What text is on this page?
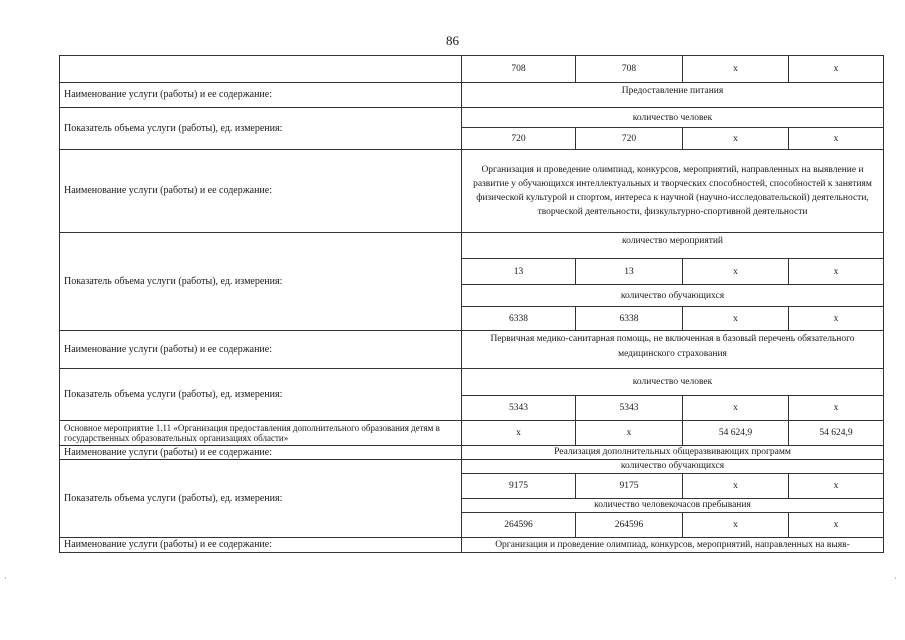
86
	708	708	x	x
Наименование услуги (работы) и ее содержание:	Предоставление питания			
Показатель объема услуги (работы), ед. измерения:	количество человек			
	720	720	x	x
Наименование услуги (работы) и ее содержание:	Организация и проведение олимпиад, конкурсов, мероприятий, направленных на выявление и развитие у обучающихся интеллектуальных и творческих способностей, способностей к занятиям физической культурой и спортом, интереса к научной (научно-исследовательской) деятельности, творческой деятельности, физкультурно-спортивной деятельности			
Показатель объема услуги (работы), ед. измерения:	количество мероприятий			
	13	13	x	x
	количество обучающихся			
	6338	6338	x	x
Наименование услуги (работы) и ее содержание:	Первичная медико-санитарная помощь, не включенная в базовый перечень обязательного медицинского страхования			
Показатель объема услуги (работы), ед. измерения:	количество человек			
	5343	5343	x	x
Основное мероприятие 1.11 «Организация предоставления дополнительного образования детям в государственных образовательных организациях области»	x	x	54 624,9	54 624,9
Наименование услуги (работы) и ее содержание:	Реализация дополнительных общеразвивающих программ			
Показатель объема услуги (работы), ед. измерения:	количество обучающихся			
	9175	9175	x	x
	количество человекочасов пребывания			
	264596	264596	x	x
Наименование услуги (работы) и ее содержание:	Организация и проведение олимпиад, конкурсов, мероприятий, направленных на выяв-			
·	·
